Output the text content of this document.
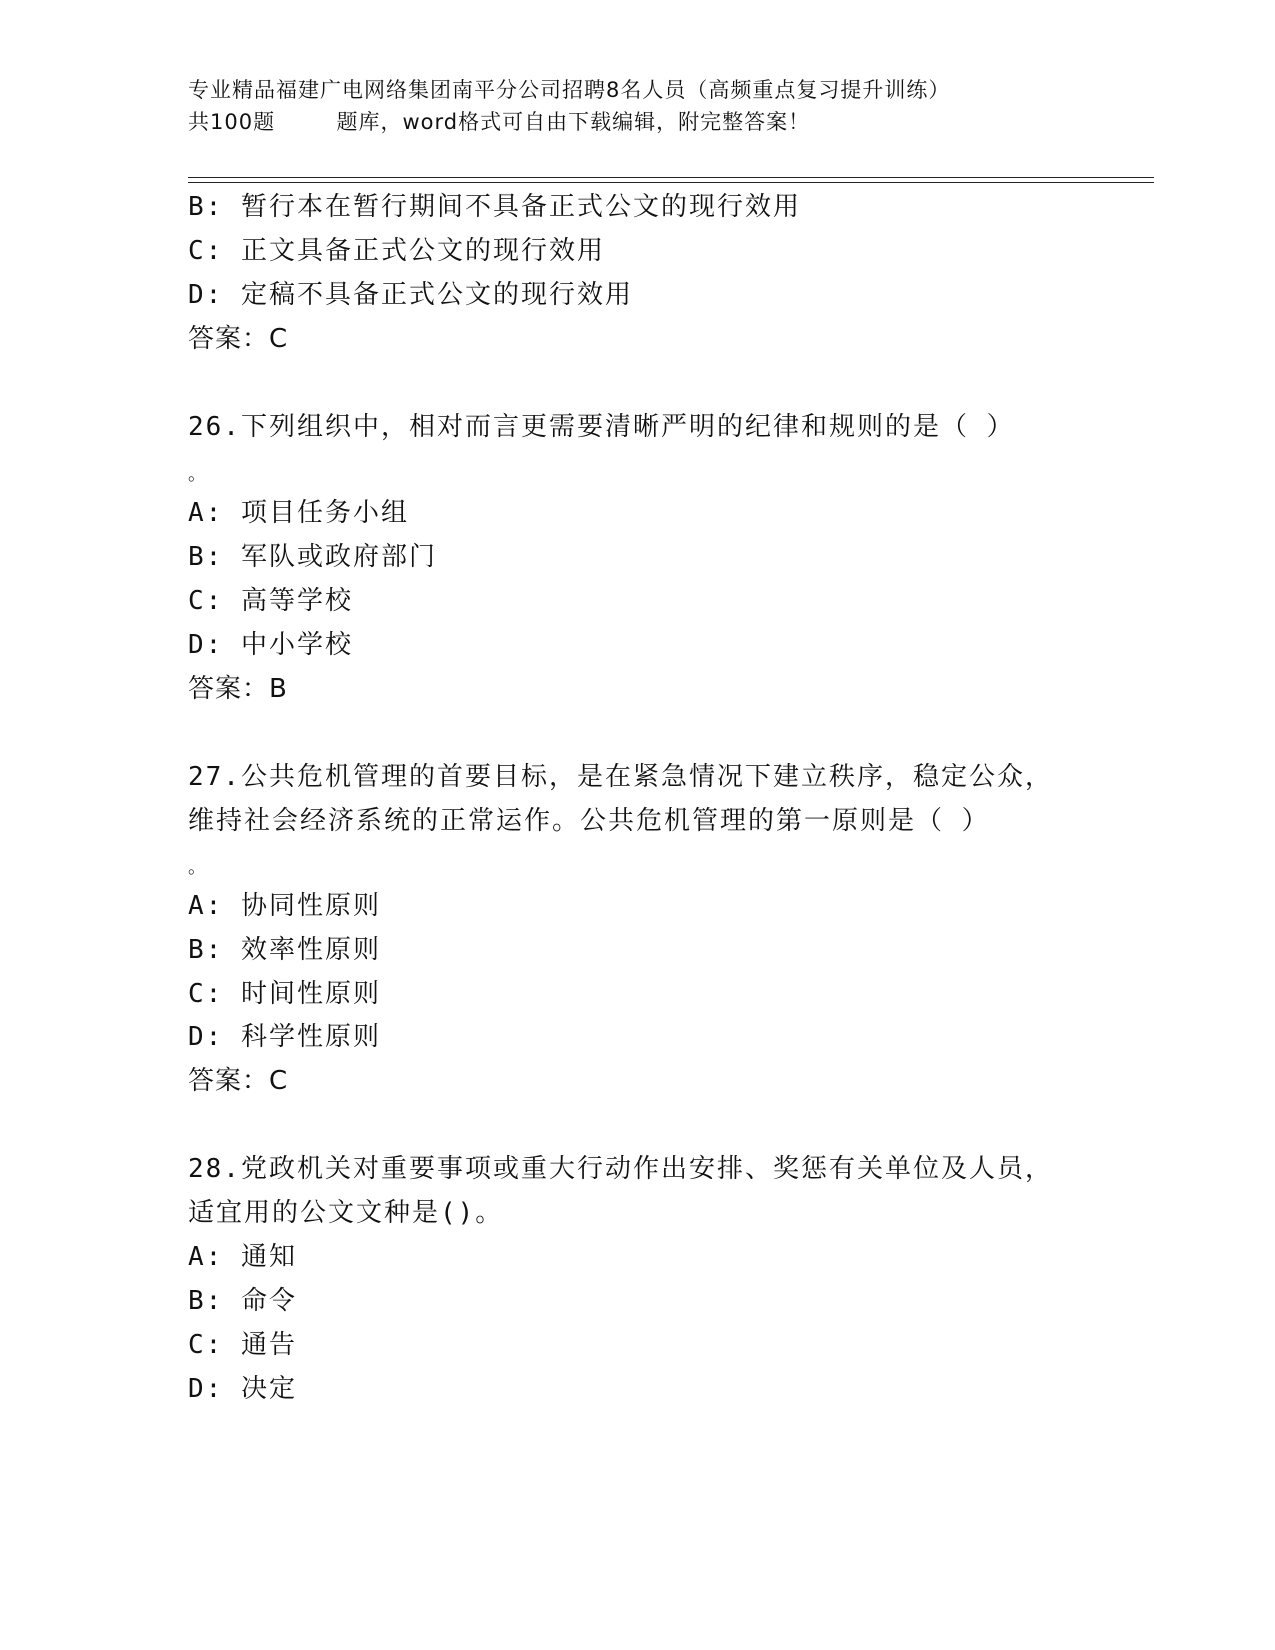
专业精品福建广电网络集团南平分公司招聘8名人员（高频重点复习提升训练）
共100题        题库，word格式可自由下载编辑，附完整答案！
B: 暂行本在暂行期间不具备正式公文的现行效用
C: 正文具备正式公文的现行效用
D: 定稿不具备正式公文的现行效用
答案：C
26.下列组织中，相对而言更需要清晰严明的纪律和规则的是（ ）
。
A: 项目任务小组
B: 军队或政府部门
C: 高等学校
D: 中小学校
答案：B
27.公共危机管理的首要目标，是在紧急情况下建立秩序，稳定公众，
维持社会经济系统的正常运作。公共危机管理的第一原则是（ ）
。
A: 协同性原则
B: 效率性原则
C: 时间性原则
D: 科学性原则
答案：C
28.党政机关对重要事项或重大行动作出安排、奖惩有关单位及人员，
适宜用的公文文种是()。
A: 通知
B: 命令
C: 通告
D: 决定
